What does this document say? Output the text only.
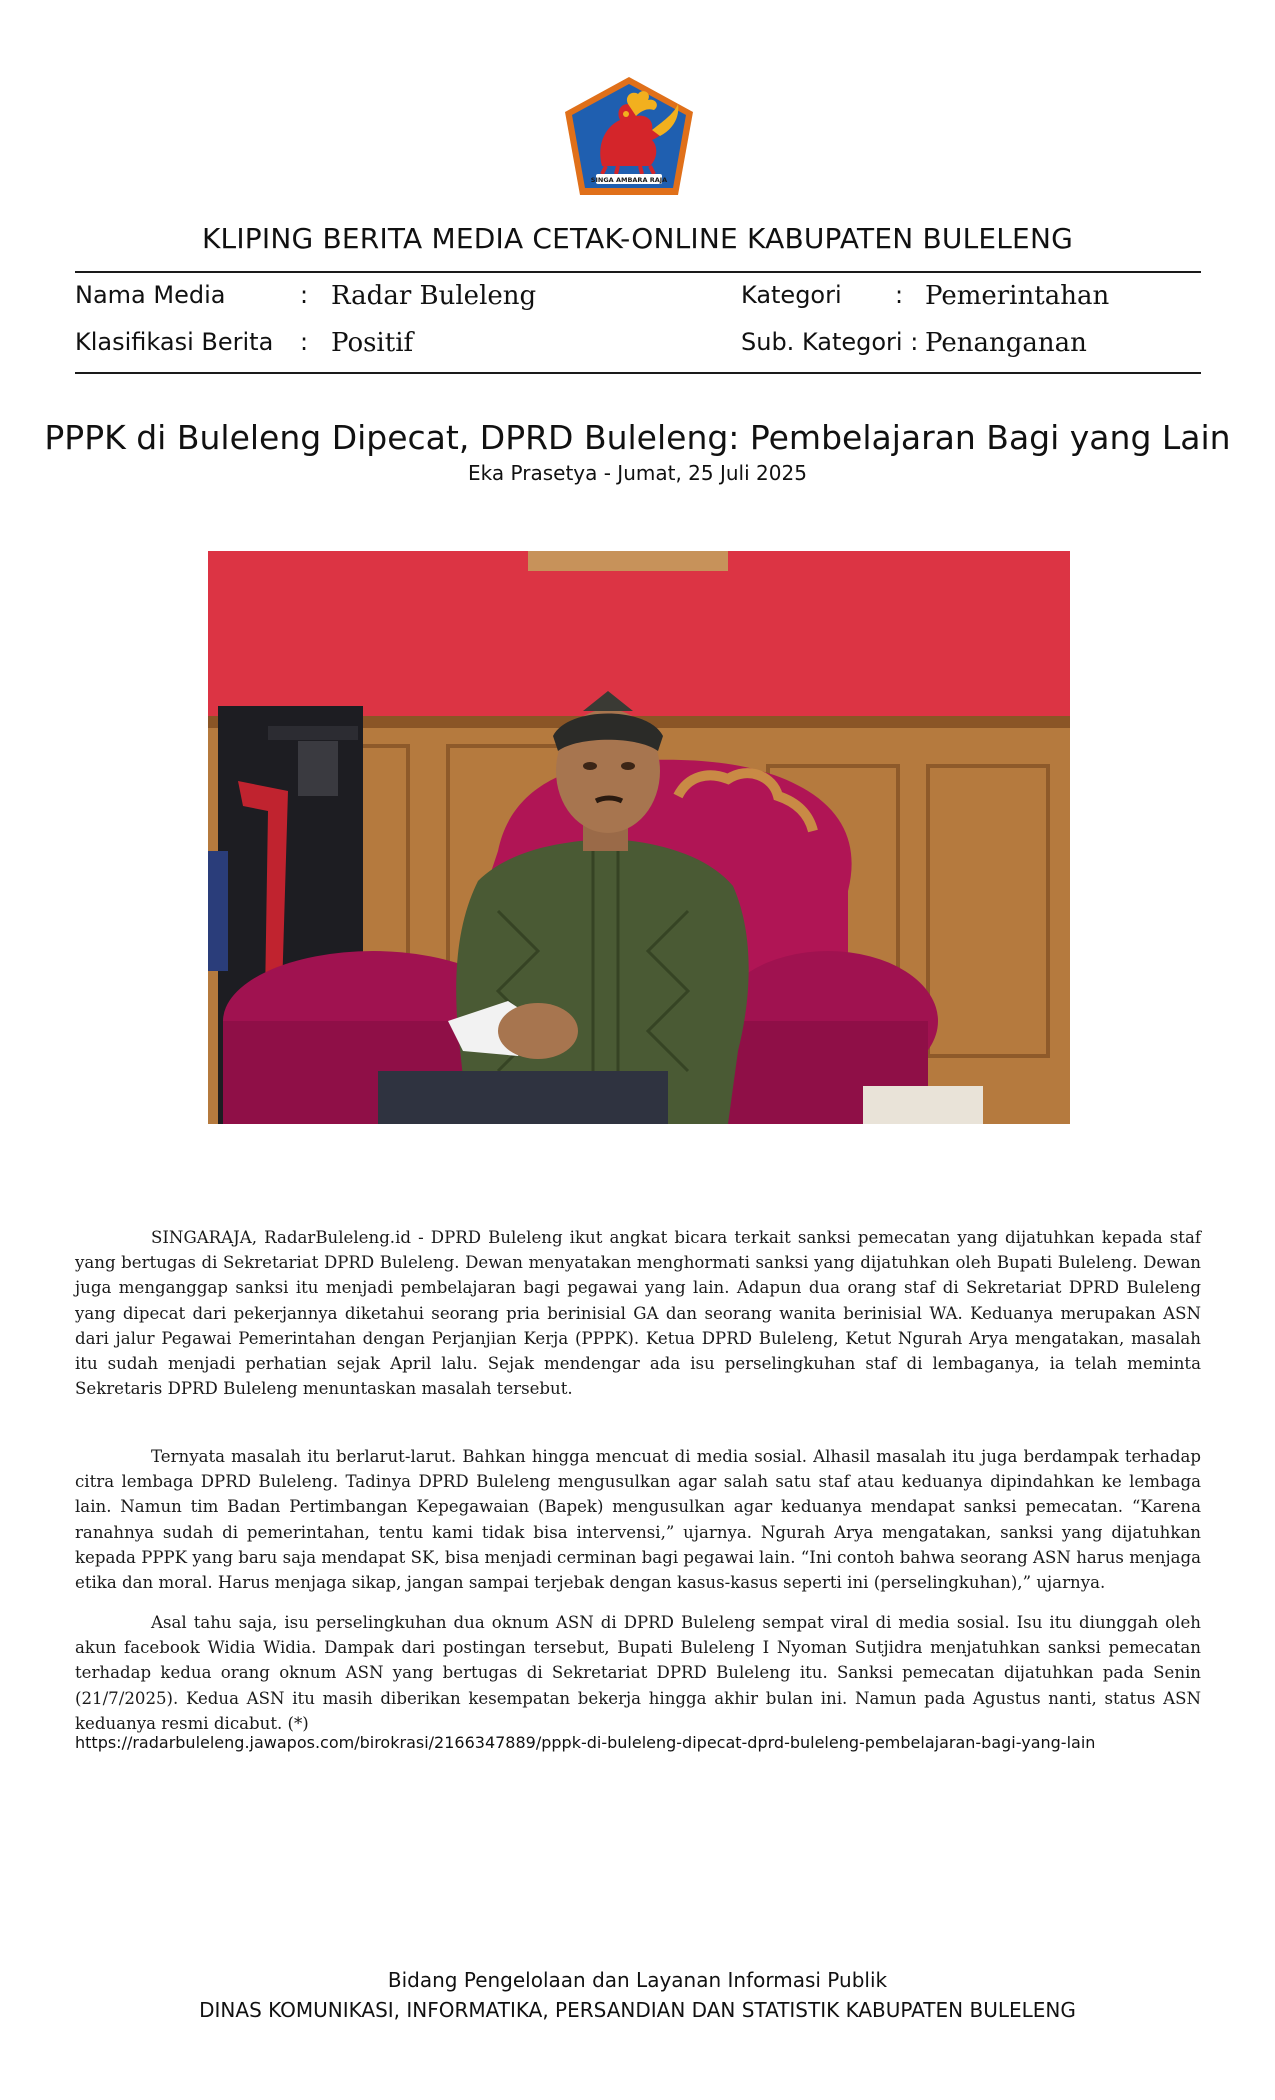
SINGA AMBARA RAJA
KLIPING BERITA MEDIA CETAK-ONLINE KABUPATEN BULELENG
Nama Media	: Radar Buleleng	Kategori : Pemerintahan
Klasifikasi Berita : Positif	Sub. Kategori : Penanganan
PPPK di Buleleng Dipecat, DPRD Buleleng: Pembelajaran Bagi yang Lain
Eka Prasetya - Jumat, 25 Juli 2025

SINGARAJA, RadarBuleleng.id - DPRD Buleleng ikut angkat bicara terkait sanksi pemecatan yang dijatuhkan kepada staf yang bertugas di Sekretariat DPRD Buleleng. Dewan menyatakan menghormati sanksi yang dijatuhkan oleh Bupati Buleleng. Dewan juga menganggap sanksi itu menjadi pembelajaran bagi pegawai yang lain. Adapun dua orang staf di Sekretariat DPRD Buleleng yang dipecat dari pekerjannya diketahui seorang pria berinisial GA dan seorang wanita berinisial WA. Keduanya merupakan ASN dari jalur Pegawai Pemerintahan dengan Perjanjian Kerja (PPPK). Ketua DPRD Buleleng, Ketut Ngurah Arya mengatakan, masalah itu sudah menjadi perhatian sejak April lalu. Sejak mendengar ada isu perselingkuhan staf di lembaganya, ia telah meminta Sekretaris DPRD Buleleng menuntaskan masalah tersebut.

Ternyata masalah itu berlarut-larut. Bahkan hingga mencuat di media sosial. Alhasil masalah itu juga berdampak terhadap citra lembaga DPRD Buleleng. Tadinya DPRD Buleleng mengusulkan agar salah satu staf atau keduanya dipindahkan ke lembaga lain. Namun tim Badan Pertimbangan Kepegawaian (Bapek) mengusulkan agar keduanya mendapat sanksi pemecatan. “Karena ranahnya sudah di pemerintahan, tentu kami tidak bisa intervensi,” ujarnya. Ngurah Arya mengatakan, sanksi yang dijatuhkan kepada PPPK yang baru saja mendapat SK, bisa menjadi cerminan bagi pegawai lain. “Ini contoh bahwa seorang ASN harus menjaga etika dan moral. Harus menjaga sikap, jangan sampai terjebak dengan kasus-kasus seperti ini (perselingkuhan),” ujarnya.

Asal tahu saja, isu perselingkuhan dua oknum ASN di DPRD Buleleng sempat viral di media sosial. Isu itu diunggah oleh akun facebook Widia Widia. Dampak dari postingan tersebut, Bupati Buleleng I Nyoman Sutjidra menjatuhkan sanksi pemecatan terhadap kedua orang oknum ASN yang bertugas di Sekretariat DPRD Buleleng itu. Sanksi pemecatan dijatuhkan pada Senin (21/7/2025). Kedua ASN itu masih diberikan kesempatan bekerja hingga akhir bulan ini. Namun pada Agustus nanti, status ASN keduanya resmi dicabut. (*)

https://radarbuleleng.jawapos.com/birokrasi/2166347889/pppk-di-buleleng-dipecat-dprd-buleleng-pembelajaran-bagi-yang-lain
Bidang Pengelolaan dan Layanan Informasi Publik
DINAS KOMUNIKASI, INFORMATIKA, PERSANDIAN DAN STATISTIK KABUPATEN BULELENG
